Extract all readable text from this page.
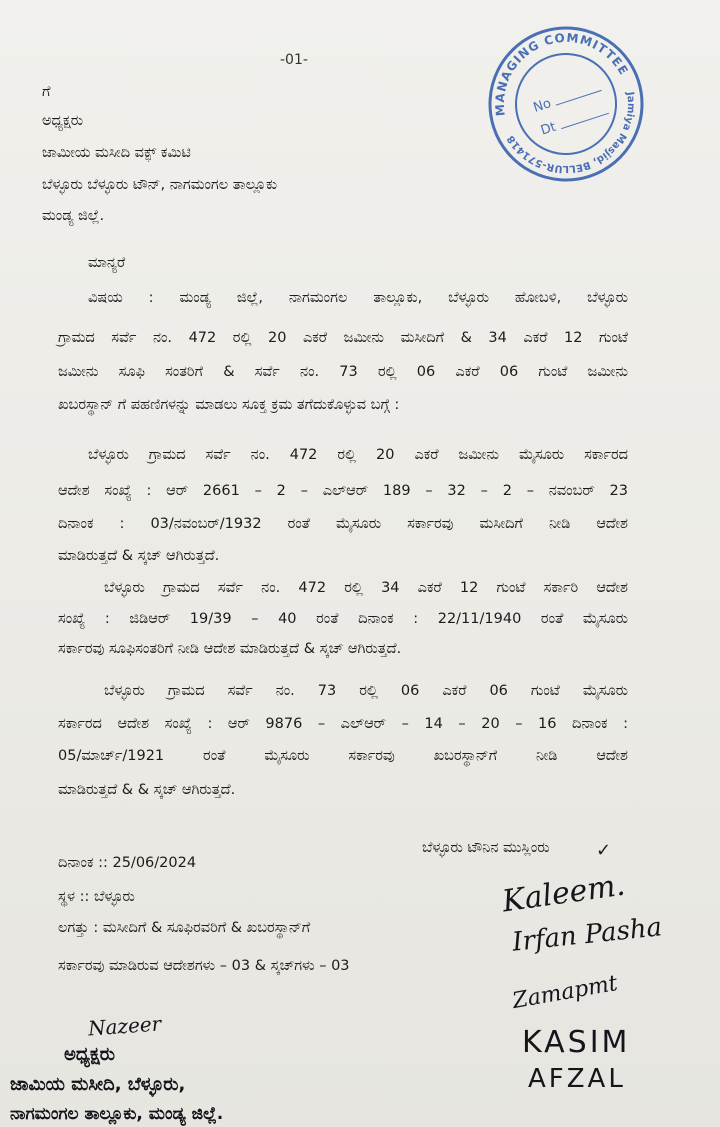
-01-
MANAGING COMMITTEE
Jamiya Masjid, BELLUR-571418
No
Dt
ಗೆ
ಅಧ್ಯಕ್ಷರು
ಜಾಮೀಯ ಮಸೀದಿ ವಕ್ಫ್ ಕಮಿಟಿ
ಬೆಳ್ಳೂರು ಬೆಳ್ಳೂರು ಟೌನ್, ನಾಗಮಂಗಲ ತಾಲ್ಲೂಕು
ಮಂಡ್ಯ ಜಿಲ್ಲೆ.
ಮಾನ್ಯರೆ
ವಿಷಯ : ಮಂಡ್ಯ ಜಿಲ್ಲೆ, ನಾಗಮಂಗಲ ತಾಲ್ಲೂಕು, ಬೆಳ್ಳೂರು ಹೋಬಳಿ, ಬೆಳ್ಳೂರು
ಗ್ರಾಮದ ಸರ್ವೆ ನಂ. 472 ರಲ್ಲಿ 20 ಎಕರೆ ಜಮೀನು ಮಸೀದಿಗೆ & 34 ಎಕರೆ 12 ಗುಂಟೆ
ಜಮೀನು ಸೂಫಿ ಸಂತರಿಗೆ & ಸರ್ವೆ ನಂ. 73 ರಲ್ಲಿ 06 ಎಕರೆ 06 ಗುಂಟೆ ಜಮೀನು
ಖಬರಸ್ಥಾನ್ ಗೆ ಪಹಣಿಗಳನ್ನು ಮಾಡಲು ಸೂಕ್ತ ಕ್ರಮ ತಗೆದುಕೊಳ್ಳುವ ಬಗ್ಗೆ :
ಬೆಳ್ಳೂರು ಗ್ರಾಮದ ಸರ್ವೆ ನಂ. 472 ರಲ್ಲಿ 20 ಎಕರೆ ಜಮೀನು ಮೈಸೂರು ಸರ್ಕಾರದ
ಆದೇಶ ಸಂಖ್ಯೆ : ಆರ್ 2661 – 2 – ಎಲ್ಆರ್ 189 – 32 – 2 – ನವಂಬರ್ 23
ದಿನಾಂಕ : 03/ನವಂಬರ್/1932 ರಂತೆ ಮೈಸೂರು ಸರ್ಕಾರವು ಮಸೀದಿಗೆ ನೀಡಿ ಆದೇಶ
ಮಾಡಿರುತ್ತದೆ & ಸ್ಕಚ್ ಆಗಿರುತ್ತದೆ.
ಬೆಳ್ಳೂರು ಗ್ರಾಮದ ಸರ್ವೆ ನಂ. 472 ರಲ್ಲಿ 34 ಎಕರೆ 12 ಗುಂಟೆ ಸರ್ಕಾರಿ ಆದೇಶ
ಸಂಖ್ಯೆ : ಜಿಡಿಆರ್ 19/39 – 40 ರಂತೆ ದಿನಾಂಕ : 22/11/1940 ರಂತೆ ಮೈಸೂರು
ಸರ್ಕಾರವು ಸೂಫಿಸಂತರಿಗೆ ನೀಡಿ ಆದೇಶ ಮಾಡಿರುತ್ತದೆ & ಸ್ಕಚ್ ಆಗಿರುತ್ತದೆ.
ಬೆಳ್ಳೂರು ಗ್ರಾಮದ ಸರ್ವೆ ನಂ. 73 ರಲ್ಲಿ 06 ಎಕರೆ 06 ಗುಂಟೆ ಮೈಸೂರು
ಸರ್ಕಾರದ ಆದೇಶ ಸಂಖ್ಯೆ : ಆರ್ 9876 – ಎಲ್ಆರ್ – 14 – 20 – 16 ದಿನಾಂಕ :
05/ಮಾರ್ಚ್/1921 ರಂತೆ ಮೈಸೂರು ಸರ್ಕಾರವು ಖಬರಸ್ಥಾನ್‌ಗೆ ನೀಡಿ ಆದೇಶ
ಮಾಡಿರುತ್ತದೆ & & ಸ್ಕಚ್ ಆಗಿರುತ್ತದೆ.
ಬೆಳ್ಳೂರು ಟೌನಿನ ಮುಸ್ಲಿಂರು	✓
ದಿನಾಂಕ :: 25/06/2024
ಸ್ಥಳ :: ಬೆಳ್ಳೂರು
ಲಗತ್ತು : ಮಸೀದಿಗೆ & ಸೂಫಿರವರಿಗೆ & ಖಬರಸ್ಥಾನ್‌ಗೆ
ಸರ್ಕಾರವು ಮಾಡಿರುವ ಆದೇಶಗಳು – 03 & ಸ್ಕಚ್‌ಗಳು – 03
Kaleem.
Irfan Pasha
Zamapmt
KASIM
AFZAL
Nazeer
ಅಧ್ಯಕ್ಷರು
ಜಾಮಿಯ ಮಸೀದಿ, ಬೆಳ್ಳೂರು,
ನಾಗಮಂಗಲ ತಾಲ್ಲೂಕು, ಮಂಡ್ಯ ಜಿಲ್ಲೆ.
